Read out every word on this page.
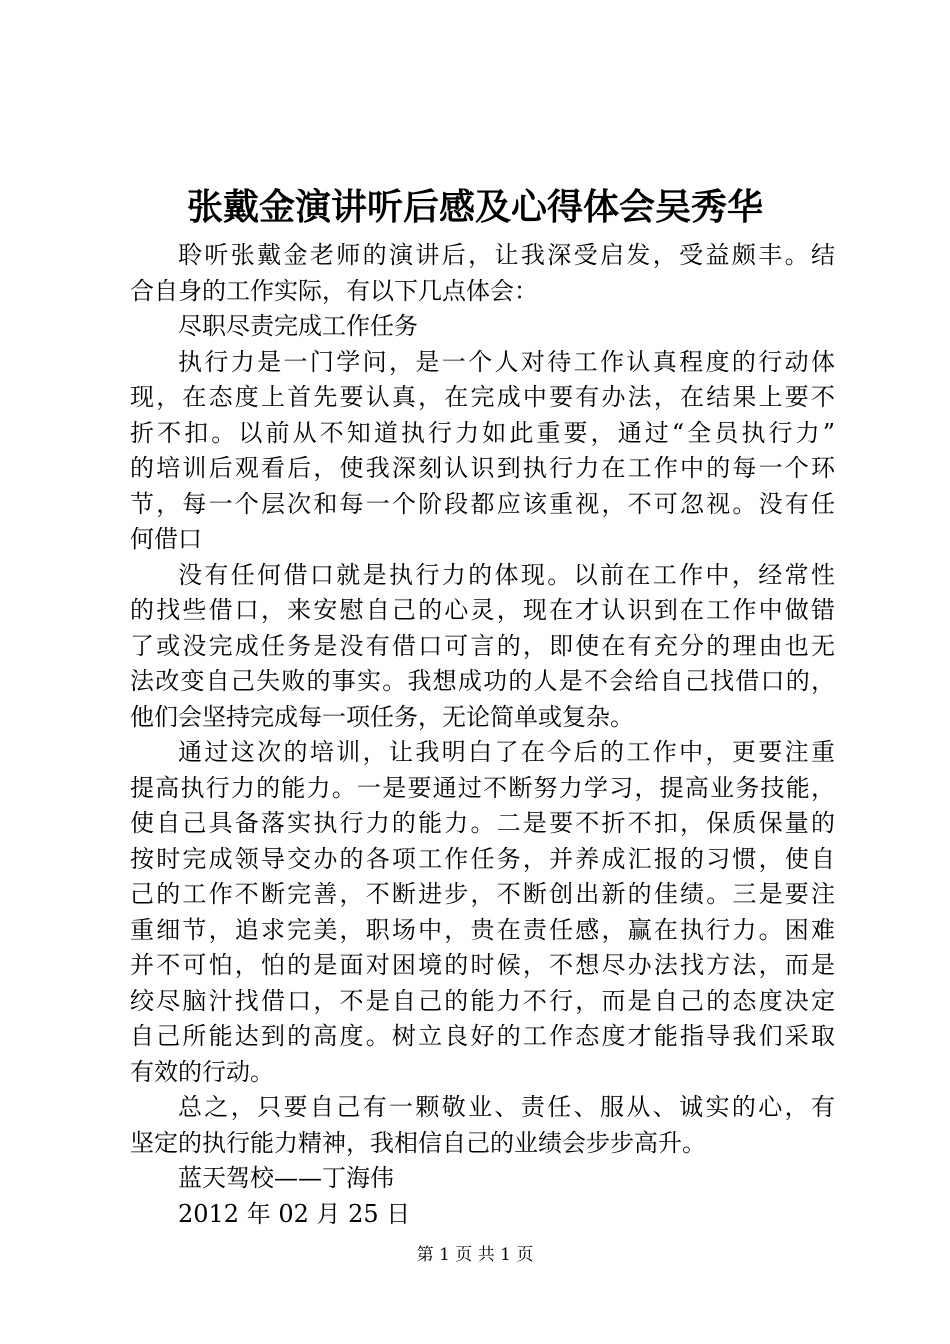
张戴金演讲听后感及心得体会吴秀华
聆听张戴金老师的演讲后，让我深受启发，受益颇丰。结
合自身的工作实际，有以下几点体会：
尽职尽责完成工作任务
执行力是一门学问，是一个人对待工作认真程度的行动体
现，在态度上首先要认真，在完成中要有办法，在结果上要不
折不扣。以前从不知道执行力如此重要，通过“全员执行力”
的培训后观看后，使我深刻认识到执行力在工作中的每一个环
节，每一个层次和每一个阶段都应该重视，不可忽视。没有任
何借口
没有任何借口就是执行力的体现。以前在工作中，经常性
的找些借口，来安慰自己的心灵，现在才认识到在工作中做错
了或没完成任务是没有借口可言的，即使在有充分的理由也无
法改变自己失败的事实。我想成功的人是不会给自己找借口的，
他们会坚持完成每一项任务，无论简单或复杂。
通过这次的培训，让我明白了在今后的工作中，更要注重
提高执行力的能力。一是要通过不断努力学习，提高业务技能，
使自己具备落实执行力的能力。二是要不折不扣，保质保量的
按时完成领导交办的各项工作任务，并养成汇报的习惯，使自
己的工作不断完善，不断进步，不断创出新的佳绩。三是要注
重细节，追求完美，职场中，贵在责任感，赢在执行力。困难
并不可怕，怕的是面对困境的时候，不想尽办法找方法，而是
绞尽脑汁找借口，不是自己的能力不行，而是自己的态度决定
自己所能达到的高度。树立良好的工作态度才能指导我们采取
有效的行动。
总之，只要自己有一颗敬业、责任、服从、诚实的心，有
坚定的执行能力精神，我相信自己的业绩会步步高升。
蓝天驾校——丁海伟
2012 年 02 月 25 日
第 1 页 共 1 页
